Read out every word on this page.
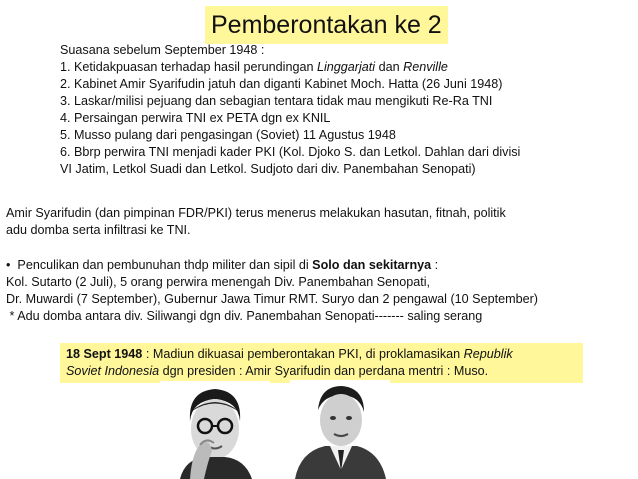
Pemberontakan ke 2
Suasana sebelum September 1948 :
1. Ketidakpuasan terhadap hasil perundingan Linggarjati dan Renville
2. Kabinet Amir Syarifudin jatuh dan diganti Kabinet Moch. Hatta (26 Juni 1948)
3. Laskar/milisi pejuang dan sebagian tentara tidak mau mengikuti Re-Ra TNI
4. Persaingan perwira TNI ex PETA dgn ex KNIL
5. Musso pulang dari pengasingan (Soviet) 11 Agustus 1948
6. Bbrp perwira TNI menjadi kader PKI (Kol. Djoko S. dan Letkol. Dahlan dari divisi
VI Jatim, Letkol Suadi dan Letkol. Sudjoto dari div. Panembahan Senopati)
Amir Syarifudin (dan pimpinan FDR/PKI) terus menerus melakukan hasutan, fitnah, politik
adu domba serta infiltrasi ke TNI.
•  Penculikan dan pembunuhan thdp militer dan sipil di Solo dan sekitarnya :
Kol. Sutarto (2 Juli), 5 orang perwira menengah Div. Panembahan Senopati,
Dr. Muwardi (7 September), Gubernur Jawa Timur RMT. Suryo dan 2 pengawal (10 September)
* Adu domba antara div. Siliwangi dgn div. Panembahan Senopati------- saling serang
18 Sept 1948 : Madiun dikuasai pemberontakan PKI, di proklamasikan Republik
Soviet Indonesia dgn presiden : Amir Syarifudin dan perdana mentri : Muso.
